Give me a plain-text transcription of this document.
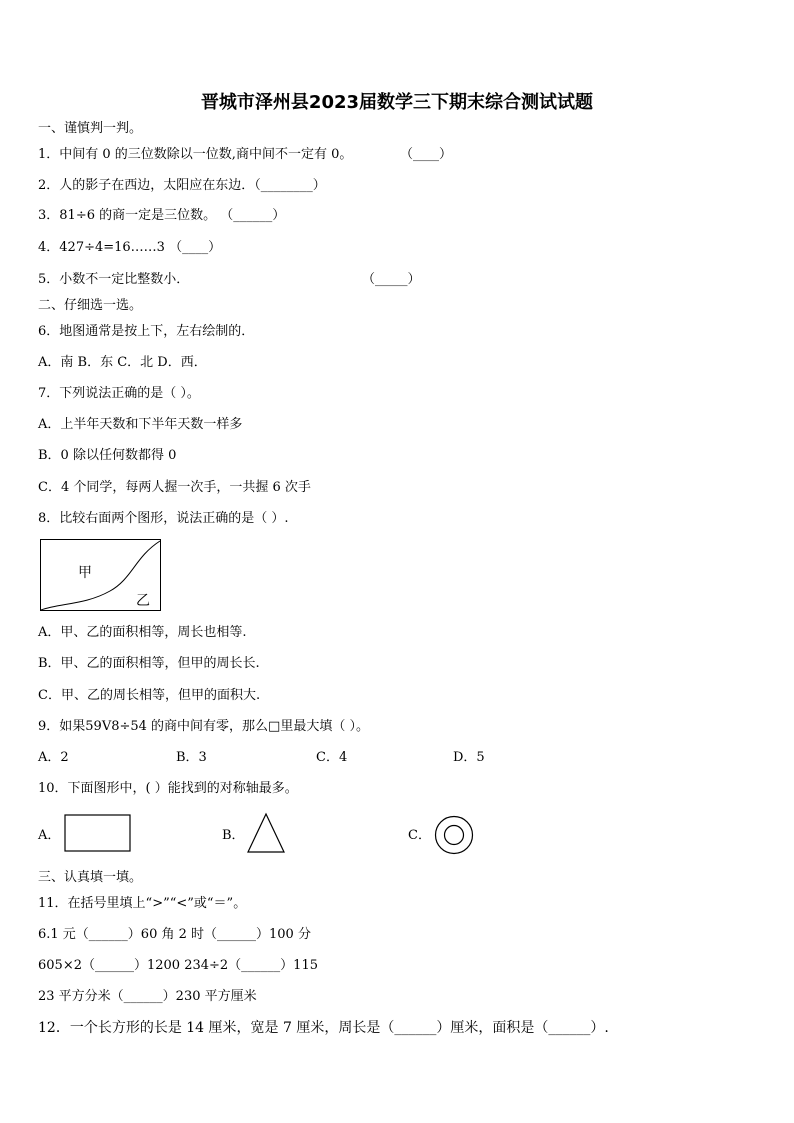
晋城市泽州县2023届数学三下期末综合测试试题
一、谨慎判一判。
1．中间有 0 的三位数除以一位数,商中间不一定有 0。	（____）
2．人的影子在西边，太阳应在东边．（________）
3．81÷6 的商一定是三位数。 （______）
4．427÷4=16……3 （____）
5．小数不一定比整数小．	（_____）
二、仔细选一选。
6．地图通常是按上下，左右绘制的．
A．南 B．东 C．北 D．西．
7．下列说法正确的是（ ）。
A．上半年天数和下半年天数一样多
B．0 除以任何数都得 0
C．4 个同学，每两人握一次手，一共握 6 次手
8．比较右面两个图形，说法正确的是（ ）.
甲
乙
A．甲、乙的面积相等，周长也相等.
B．甲、乙的面积相等，但甲的周长长.
C．甲、乙的周长相等，但甲的面积大.
9．如果59V8÷54 的商中间有零，那么□里最大填（ ）。
A．2	B．3	C．4	D．5
10．下面图形中，( ）能找到的对称轴最多。
A．	B．	C．
三、认真填一填。
11．在括号里填上“>”“<”或“＝”。
6.1 元（______）60 角 2 时（______）100 分
605×2（______）1200 234÷2（______）115
23 平方分米（______）230 平方厘米
12．一个长方形的长是 14 厘米，宽是 7 厘米，周长是（______）厘米，面积是（______）.
